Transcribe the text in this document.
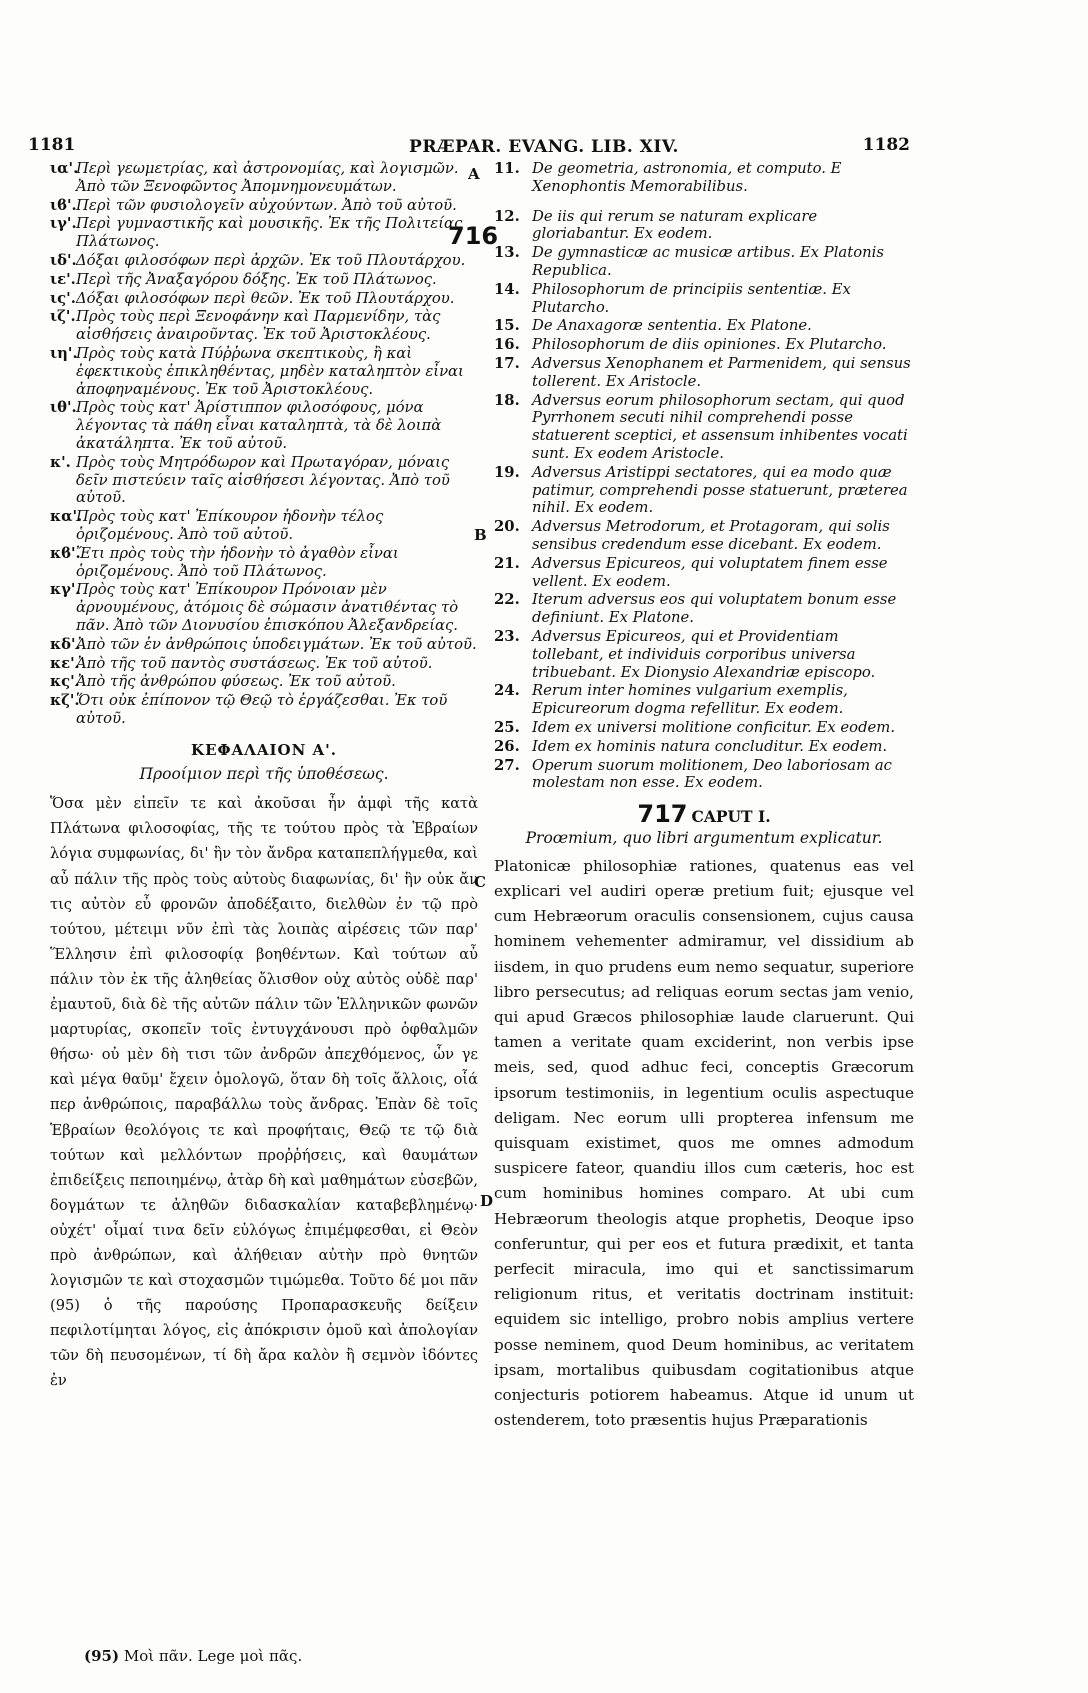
1181	PRÆPAR. EVANG. LIB. XIV.	1182
716
A
B
C
D
ια'.Περὶ γεωμετρίας, καὶ ἀστρονομίας, καὶ λογισμῶν. Ἀπὸ τῶν Ξενοφῶντος Ἀπομνημονευμάτων.
ιϐ'.Περὶ τῶν φυσιολογεῖν αὐχούντων. Ἀπὸ τοῦ αὐτοῦ.
ιγ'.Περὶ γυμναστικῆς καὶ μουσικῆς. Ἐκ τῆς Πολιτείας Πλάτωνος.
ιδ'.Δόξαι φιλοσόφων περὶ ἀρχῶν. Ἐκ τοῦ Πλουτάρχου.
ιε'.Περὶ τῆς Ἀναξαγόρου δόξης. Ἐκ τοῦ Πλάτωνος.
ις'.Δόξαι φιλοσόφων περὶ θεῶν. Ἐκ τοῦ Πλουτάρχου.
ιζ'.Πρὸς τοὺς περὶ Ξενοφάνην καὶ Παρμενίδην, τὰς αἰσθήσεις ἀναιροῦντας. Ἐκ τοῦ Ἀριστοκλέους.
ιη'.Πρὸς τοὺς κατὰ Πύῤῥωνα σκεπτικοὺς, ἢ καὶ ἐφεκτικοὺς ἐπικληθέντας, μηδὲν καταληπτὸν εἶναι ἀποφηναμένους. Ἐκ τοῦ Ἀριστοκλέους.
ιθ'.Πρὸς τοὺς κατ' Ἀρίστιππον φιλοσόφους, μόνα λέγοντας τὰ πάθη εἶναι καταληπτὰ, τὰ δὲ λοιπὰ ἀκατάληπτα. Ἐκ τοῦ αὐτοῦ.
κ'. Πρὸς τοὺς Μητρόδωρον καὶ Πρωταγόραν, μόναις δεῖν πιστεύειν ταῖς αἰσθήσεσι λέγοντας. Ἀπὸ τοῦ αὐτοῦ.
κα'.Πρὸς τοὺς κατ' Ἐπίκουρον ἡδονὴν τέλος ὁριζομένους. Ἀπὸ τοῦ αὐτοῦ.
κϐ'.Ἔτι πρὸς τοὺς τὴν ἡδονὴν τὸ ἀγαθὸν εἶναι ὁριζομένους. Ἀπὸ τοῦ Πλάτωνος.
κγ'.Πρὸς τοὺς κατ' Ἐπίκουρον Πρόνοιαν μὲν ἀρνουμένους, ἀτόμοις δὲ σώμασιν ἀνατιθέντας τὸ πᾶν. Ἀπὸ τῶν Διονυσίου ἐπισκόπου Ἀλεξανδρείας.
κδ'.Ἀπὸ τῶν ἐν ἀνθρώποις ὑποδειγμάτων. Ἐκ τοῦ αὐτοῦ.
κε'.Ἀπὸ τῆς τοῦ παντὸς συστάσεως. Ἐκ τοῦ αὐτοῦ.
κς'.Ἀπὸ τῆς ἀνθρώπου φύσεως. Ἐκ τοῦ αὐτοῦ.
κζ'.Ὅτι οὐκ ἐπίπονον τῷ Θεῷ τὸ ἐργάζεσθαι. Ἐκ τοῦ αὐτοῦ.
ΚΕΦΑΛΑΙΟΝ Α'.
Προοίμιον περὶ τῆς ὑποθέσεως.
Ὅσα μὲν εἰπεῖν τε καὶ ἀκοῦσαι ἦν ἀμφὶ τῆς κατὰ Πλάτωνα φιλοσοφίας, τῆς τε τούτου πρὸς τὰ Ἑβραίων λόγια συμφωνίας, δι' ἣν τὸν ἄνδρα καταπεπλήγμεθα, καὶ αὖ πάλιν τῆς πρὸς τοὺς αὐτοὺς διαφωνίας, δι' ἣν οὐκ ἄν τις αὐτὸν εὖ φρονῶν ἀποδέξαιτο, διελθὼν ἐν τῷ πρὸ τούτου, μέτειμι νῦν ἐπὶ τὰς λοιπὰς αἱρέσεις τῶν παρ' Ἕλλησιν ἐπὶ φιλοσοφίᾳ βοηθέντων. Καὶ τούτων αὖ πάλιν τὸν ἐκ τῆς ἀληθείας ὄλισθον οὐχ αὐτὸς οὐδὲ παρ' ἐμαυτοῦ, διὰ δὲ τῆς αὐτῶν πάλιν τῶν Ἑλληνικῶν φωνῶν μαρτυρίας, σκοπεῖν τοῖς ἐντυγχάνουσι πρὸ ὀφθαλμῶν θήσω· οὐ μὲν δὴ τισι τῶν ἀνδρῶν ἀπεχθόμενος, ὧν γε καὶ μέγα θαῦμ' ἔχειν ὁμολογῶ, ὅταν δὴ τοῖς ἄλλοις, οἷά περ ἀνθρώποις, παραβάλλω τοὺς ἄνδρας. Ἐπὰν δὲ τοῖς Ἑβραίων θεολόγοις τε καὶ προφήταις, Θεῷ τε τῷ διὰ τούτων καὶ μελλόντων προῤῥήσεις, καὶ θαυμάτων ἐπιδείξεις πεποιημένῳ, ἀτὰρ δὴ καὶ μαθημάτων εὐσεβῶν, δογμάτων τε ἀληθῶν διδασκαλίαν καταβεβλημένῳ· οὐχέτ' οἶμαί τινα δεῖν εὐλόγως ἐπιμέμφεσθαι, εἰ Θεὸν πρὸ ἀνθρώπων, καὶ ἀλήθειαν αὐτὴν πρὸ θνητῶν λογισμῶν τε καὶ στοχασμῶν τιμώμεθα. Τοῦτο δέ μοι πᾶν (95) ὁ τῆς παρούσης Προπαρασκευῆς δείξειν πεφιλοτίμηται λόγος, εἰς ἀπόκρισιν ὁμοῦ καὶ ἀπολογίαν τῶν δὴ πευσομένων, τί δὴ ἄρα καλὸν ἢ σεμνὸν ἰδόντες ἐν
11. De geometria, astronomia, et computo. E Xenophontis Memorabilibus.
12. De iis qui rerum se naturam explicare gloriabantur. Ex eodem.
13. De gymnasticæ ac musicæ artibus. Ex Platonis Republica.
14. Philosophorum de principiis sententiæ. Ex Plutarcho.
15. De Anaxagoræ sententia. Ex Platone.
16. Philosophorum de diis opiniones. Ex Plutarcho.
17. Adversus Xenophanem et Parmenidem, qui sensus tollerent. Ex Aristocle.
18. Adversus eorum philosophorum sectam, qui quod Pyrrhonem secuti nihil comprehendi posse statuerent sceptici, et assensum inhibentes vocati sunt. Ex eodem Aristocle.
19. Adversus Aristippi sectatores, qui ea modo quæ patimur, comprehendi posse statuerunt, præterea nihil. Ex eodem.
20. Adversus Metrodorum, et Protagoram, qui solis sensibus credendum esse dicebant. Ex eodem.
21. Adversus Epicureos, qui voluptatem finem esse vellent. Ex eodem.
22. Iterum adversus eos qui voluptatem bonum esse definiunt. Ex Platone.
23. Adversus Epicureos, qui et Providentiam tollebant, et individuis corporibus universa tribuebant. Ex Dionysio Alexandriæ episcopo.
24. Rerum inter homines vulgarium exemplis, Epicureorum dogma refellitur. Ex eodem.
25. Idem ex universi molitione conficitur. Ex eodem.
26. Idem ex hominis natura concluditur. Ex eodem.
27. Operum suorum molitionem, Deo laboriosam ac molestam non esse. Ex eodem.
717 CAPUT I.
Proœmium, quo libri argumentum explicatur.
Platonicæ philosophiæ rationes, quatenus eas vel explicari vel audiri operæ pretium fuit; ejusque vel cum Hebræorum oraculis consensionem, cujus causa hominem vehementer admiramur, vel dissidium ab iisdem, in quo prudens eum nemo sequatur, superiore libro persecutus; ad reliquas eorum sectas jam venio, qui apud Græcos philosophiæ laude claruerunt. Qui tamen a veritate quam exciderint, non verbis ipse meis, sed, quod adhuc feci, conceptis Græcorum ipsorum testimoniis, in legentium oculis aspectuque deligam. Nec eorum ulli propterea infensum me quisquam existimet, quos me omnes admodum suspicere fateor, quandiu illos cum cæteris, hoc est cum hominibus homines comparo. At ubi cum Hebræorum theologis atque prophetis, Deoque ipso conferuntur, qui per eos et futura prædixit, et tanta perfecit miracula, imo qui et sanctissimarum religionum ritus, et veritatis doctrinam instituit: equidem sic intelligo, probro nobis amplius vertere posse neminem, quod Deum hominibus, ac veritatem ipsam, mortalibus quibusdam cogitationibus atque conjecturis potiorem habeamus. Atque id unum ut ostenderem, toto præsentis hujus Præparationis
(95) Μοὶ πᾶν. Lege μοὶ πᾶς.
